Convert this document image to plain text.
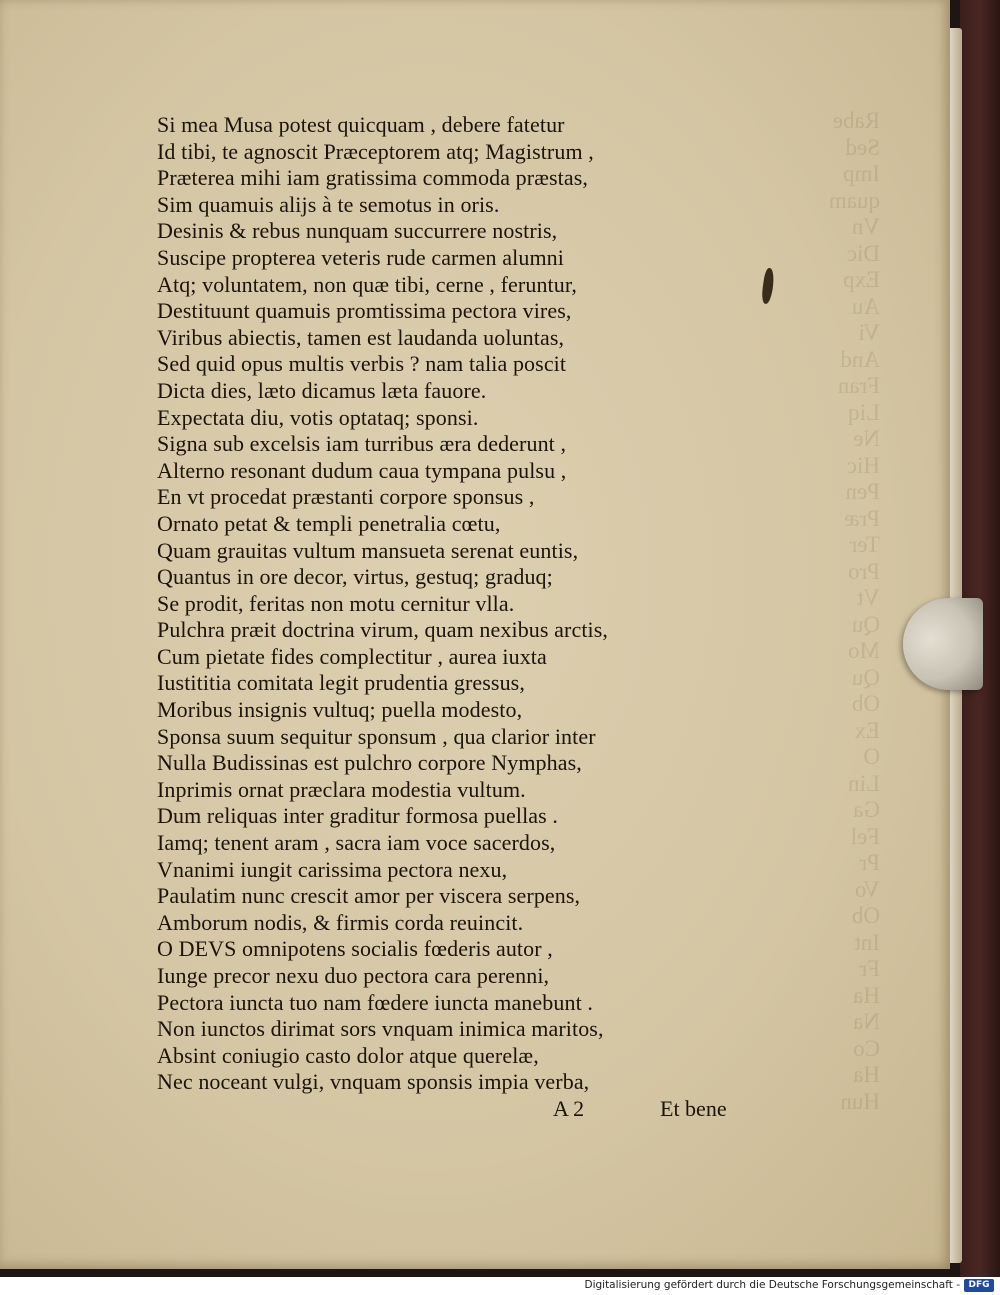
Rabe
Sed
Imp
quam
Vn
Dic
Exp
Au
Vi
And
Fran
Liq
Ne
Hic
Pen
Præ
Ter
Pro
Vt
Qu
Mo
Qu
Ob
Ex
O
Lin
Ga
Fel
Pr
Vo
Ob
Int
Fr
Ha
Na
Co
Ha
Hun
Si mea Musa potest quicquam , debere fatetur
Id tibi, te agnoscit Præceptorem atq; Magistrum ,
Præterea mihi iam gratissima commoda præstas,
Sim quamuis alijs à te semotus in oris.
Desinis & rebus nunquam succurrere nostris,
Suscipe propterea veteris rude carmen alumni
Atq; voluntatem, non quæ tibi, cerne , feruntur,
Destituunt quamuis promtissima pectora vires,
Viribus abiectis, tamen est laudanda uoluntas,
Sed quid opus multis verbis ? nam talia poscit
Dicta dies, læto dicamus læta fauore.
Expectata diu, votis optataq; sponsi.
Signa sub excelsis iam turribus æra dederunt ,
Alterno resonant dudum caua tympana pulsu ,
En vt procedat præstanti corpore sponsus ,
Ornato petat & templi penetralia cœtu,
Quam grauitas vultum mansueta serenat euntis,
Quantus in ore decor, virtus, gestuq; graduq;
Se prodit, feritas non motu cernitur vlla.
Pulchra præit doctrina virum, quam nexibus arctis,
Cum pietate fides complectitur , aurea iuxta
Iustititia comitata legit prudentia gressus,
Moribus insignis vultuq; puella modesto,
Sponsa suum sequitur sponsum , qua clarior inter
Nulla Budissinas est pulchro corpore Nymphas,
Inprimis ornat præclara modestia vultum.
Dum reliquas inter graditur formosa puellas .
Iamq; tenent aram , sacra iam voce sacerdos,
Vnanimi iungit carissima pectora nexu,
Paulatim nunc crescit amor per viscera serpens,
Amborum nodis, & firmis corda reuincit.
O DEVS omnipotens socialis fœderis autor ,
Iunge precor nexu duo pectora cara perenni,
Pectora iuncta tuo nam fœdere iuncta manebunt .
Non iunctos dirimat sors vnquam inimica maritos,
Absint coniugio casto dolor atque querelæ,
Nec noceant vulgi, vnquam sponsis impia verba,
A 2	Et bene
Digitalisierung gefördert durch die Deutsche Forschungsgemeinschaft - DFG
